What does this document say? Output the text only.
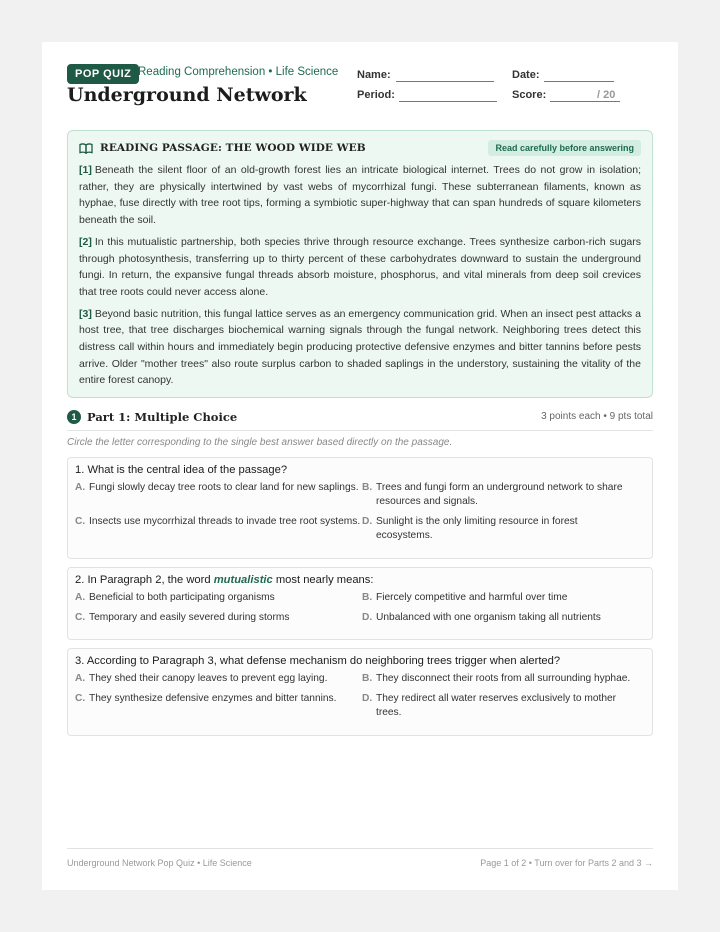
POP QUIZ Reading Comprehension • Life Science
Underground Network
Name:	Date:
Period:	Score:	/ 20
READING PASSAGE: THE WOOD WIDE WEB	Read carefully before answering

[1] Beneath the silent floor of an old-growth forest lies an intricate biological internet. Trees do not grow in isolation; rather, they are physically intertwined by vast webs of mycorrhizal fungi. These subterranean filaments, known as hyphae, fuse directly with tree root tips, forming a symbiotic super-highway that can span hundreds of square kilometers beneath the soil.

[2] In this mutualistic partnership, both species thrive through resource exchange. Trees synthesize carbon-rich sugars through photosynthesis, transferring up to thirty percent of these carbohydrates downward to sustain the underground fungi. In return, the expansive fungal threads absorb moisture, phosphorus, and vital minerals from deep soil crevices that tree roots could never access alone.

[3] Beyond basic nutrition, this fungal lattice serves as an emergency communication grid. When an insect pest attacks a host tree, that tree discharges biochemical warning signals through the fungal network. Neighboring trees detect this distress call within hours and immediately begin producing protective defensive enzymes and bitter tannins before pests arrive. Older "mother trees" also route surplus carbon to shaded saplings in the understory, sustaining the vitality of the entire forest canopy.

1 Part 1: Multiple Choice	3 points each • 9 pts total
Circle the letter corresponding to the single best answer based directly on the passage.
1. What is the central idea of the passage?
A. Fungi slowly decay tree roots to clear land for new saplings. B. Trees and fungi form an underground network to share resources and signals.
C. Insects use mycorrhizal threads to invade tree root systems. D. Sunlight is the only limiting resource in forest ecosystems.
2. In Paragraph 2, the word mutualistic most nearly means:
A. Beneficial to both participating organisms	B. Fiercely competitive and harmful over time
C. Temporary and easily severed during storms	D. Unbalanced with one organism taking all nutrients
3. According to Paragraph 3, what defense mechanism do neighboring trees trigger when alerted?
A. They shed their canopy leaves to prevent egg laying.	B. They disconnect their roots from all surrounding hyphae.
C. They synthesize defensive enzymes and bitter tannins.	D. They redirect all water reserves exclusively to mother trees.
Underground Network Pop Quiz • Life Science	Page 1 of 2 • Turn over for Parts 2 and 3 →
